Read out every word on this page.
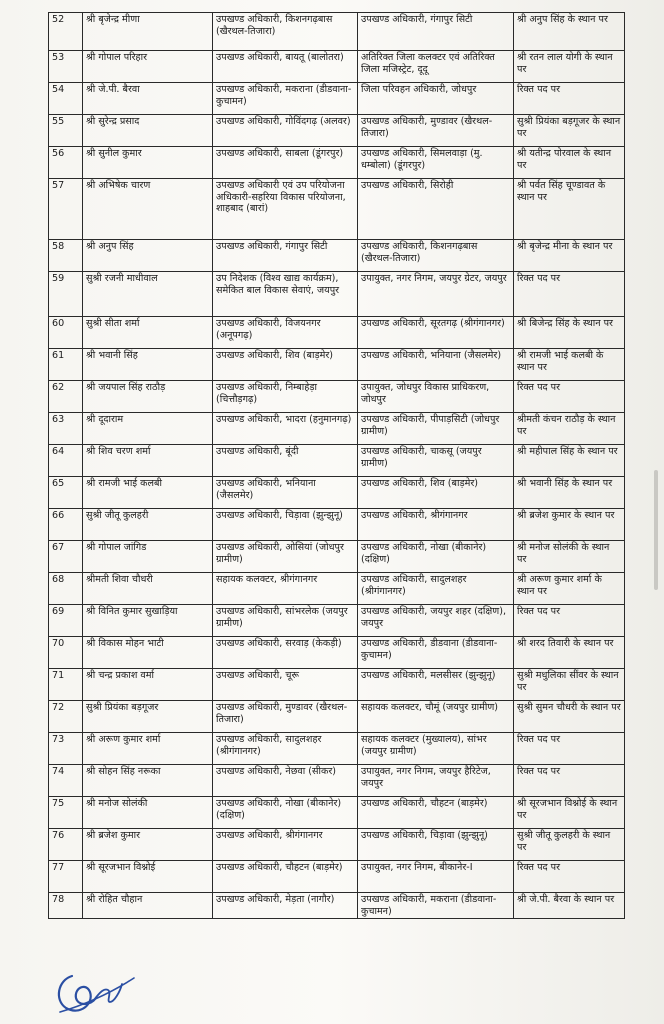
52	श्री बृजेन्द्र मीणा	उपखण्ड अधिकारी, किशनगढ़बास (खैरथल-तिजारा)	उपखण्ड अधिकारी, गंगापुर सिटी	श्री अनुप सिंह के स्थान पर
53	श्री गोपाल परिहार	उपखण्ड अधिकारी, बायतू (बालोतरा)	अतिरिक्त जिला कलक्टर एवं अतिरिक्त जिला मजिस्ट्रेट, दूदू	श्री रतन लाल योगी के स्थान पर
54	श्री जे.पी. बैरवा	उपखण्ड अधिकारी, मकराना (डीडवाना-कुचामन)	जिला परिवहन अधिकारी, जोधपुर	रिक्त पद पर
55	श्री सुरेन्द्र प्रसाद	उपखण्ड अधिकारी, गोविंदगढ़ (अलवर)	उपखण्ड अधिकारी, मुण्डावर (खैरथल-तिजारा)	सुश्री प्रियंका बड़गूजर के स्थान पर
56	श्री सुनील कुमार	उपखण्ड अधिकारी, साबला (डूंगरपुर)	उपखण्ड अधिकारी, सिमलवाड़ा (मु. धम्बोला) (डूंगरपुर)	श्री यतीन्द्र पोरवाल के स्थान पर
57	श्री अभिषेक चारण	उपखण्ड अधिकारी एवं उप परियोजना अधिकारी-सहरिया विकास परियोजना, शाहबाद (बारां)	उपखण्ड अधिकारी, सिरोही	श्री पर्वत सिंह चूण्डावत के स्थान पर
58	श्री अनुप सिंह	उपखण्ड अधिकारी, गंगापुर सिटी	उपखण्ड अधिकारी, किशनगढ़बास (खैरथल-तिजारा)	श्री बृजेन्द्र मीना के स्थान पर
59	सुश्री रजनी माधीवाल	उप निदेशक (विश्व खाद्य कार्यक्रम), समेकित बाल विकास सेवाएं, जयपुर	उपायुक्त, नगर निगम, जयपुर ग्रेटर, जयपुर	रिक्त पद पर
60	सुश्री सीता शर्मा	उपखण्ड अधिकारी, विजयनगर (अनूपगढ़)	उपखण्ड अधिकारी, सूरतगढ़ (श्रीगंगानगर)	श्री बिजेन्द्र सिंह के स्थान पर
61	श्री भवानी सिंह	उपखण्ड अधिकारी, शिव (बाड़मेर)	उपखण्ड अधिकारी, भनियाना (जैसलमेर)	श्री रामजी भाई कलबी के स्थान पर
62	श्री जयपाल सिंह राठौड़	उपखण्ड अधिकारी, निम्बाहेड़ा (चित्तौड़गढ़)	उपायुक्त, जोधपुर विकास प्राधिकरण, जोधपुर	रिक्त पद पर
63	श्री दूदाराम	उपखण्ड अधिकारी, भादरा (हनुमानगढ़)	उपखण्ड अधिकारी, पीपाड़सिटी (जोधपुर ग्रामीण)	श्रीमती कंचन राठौड़ के स्थान पर
64	श्री शिव चरण शर्मा	उपखण्ड अधिकारी, बूंदी	उपखण्ड अधिकारी, चाकसू (जयपुर ग्रामीण)	श्री महीपाल सिंह के स्थान पर
65	श्री रामजी भाई कलबी	उपखण्ड अधिकारी, भनियाना (जैसलमेर)	उपखण्ड अधिकारी, शिव (बाड़मेर)	श्री भवानी सिंह के स्थान पर
66	सुश्री जीतू कुलहरी	उपखण्ड अधिकारी, चिड़ावा (झुन्झुनू)	उपखण्ड अधिकारी, श्रीगंगानगर	श्री ब्रजेश कुमार के स्थान पर
67	श्री गोपाल जांगिड	उपखण्ड अधिकारी, ओसियां (जोधपुर ग्रामीण)	उपखण्ड अधिकारी, नोखा (बीकानेर) (दक्षिण)	श्री मनोज सोलंकी के स्थान पर
68	श्रीमती शिवा चौधरी	सहायक कलक्टर, श्रीगंगानगर	उपखण्ड अधिकारी, सादुलशहर (श्रीगंगानगर)	श्री अरूण कुमार शर्मा के स्थान पर
69	श्री विनित कुमार सुखाड़िया	उपखण्ड अधिकारी, सांभरलेक (जयपुर ग्रामीण)	उपखण्ड अधिकारी, जयपुर शहर (दक्षिण), जयपुर	रिक्त पद पर
70	श्री विकास मोहन भाटी	उपखण्ड अधिकारी, सरवाड़ (केकड़ी)	उपखण्ड अधिकारी, डीडवाना (डीडवाना-कुचामन)	श्री शरद तिवारी के स्थान पर
71	श्री चन्द्र प्रकाश वर्मा	उपखण्ड अधिकारी, चूरू	उपखण्ड अधिकारी, मलसीसर (झुन्झुनू)	सुश्री मधुलिका सींवर के स्थान पर
72	सुश्री प्रियंका बड़गूजर	उपखण्ड अधिकारी, मुण्डावर (खैरथल-तिजारा)	सहायक कलक्टर, चौमूं (जयपुर ग्रामीण)	सुश्री सुमन चौधरी के स्थान पर
73	श्री अरूण कुमार शर्मा	उपखण्ड अधिकारी, सादुलशहर (श्रीगंगानगर)	सहायक कलक्टर (मुख्यालय), सांभर (जयपुर ग्रामीण)	रिक्त पद पर
74	श्री सोहन सिंह नरूका	उपखण्ड अधिकारी, नेछवा (सीकर)	उपायुक्त, नगर निगम, जयपुर हैरिटेज, जयपुर	रिक्त पद पर
75	श्री मनोज सोलंकी	उपखण्ड अधिकारी, नोखा (बीकानेर) (दक्षिण)	उपखण्ड अधिकारी, चौहटन (बाड़मेर)	श्री सूरजभान विश्नोई के स्थान पर
76	श्री ब्रजेश कुमार	उपखण्ड अधिकारी, श्रीगंगानगर	उपखण्ड अधिकारी, चिड़ावा (झुन्झुनू)	सुश्री जीतू कुलहरी के स्थान पर
77	श्री सूरजभान विश्नोई	उपखण्ड अधिकारी, चौहटन (बाड़मेर)	उपायुक्त, नगर निगम, बीकानेर-I	रिक्त पद पर
78	श्री रोहित चौहान	उपखण्ड अधिकारी, मेड़ता (नागौर)	उपखण्ड अधिकारी, मकराना (डीडवाना-कुचामन)	श्री जे.पी. बैरवा के स्थान पर
